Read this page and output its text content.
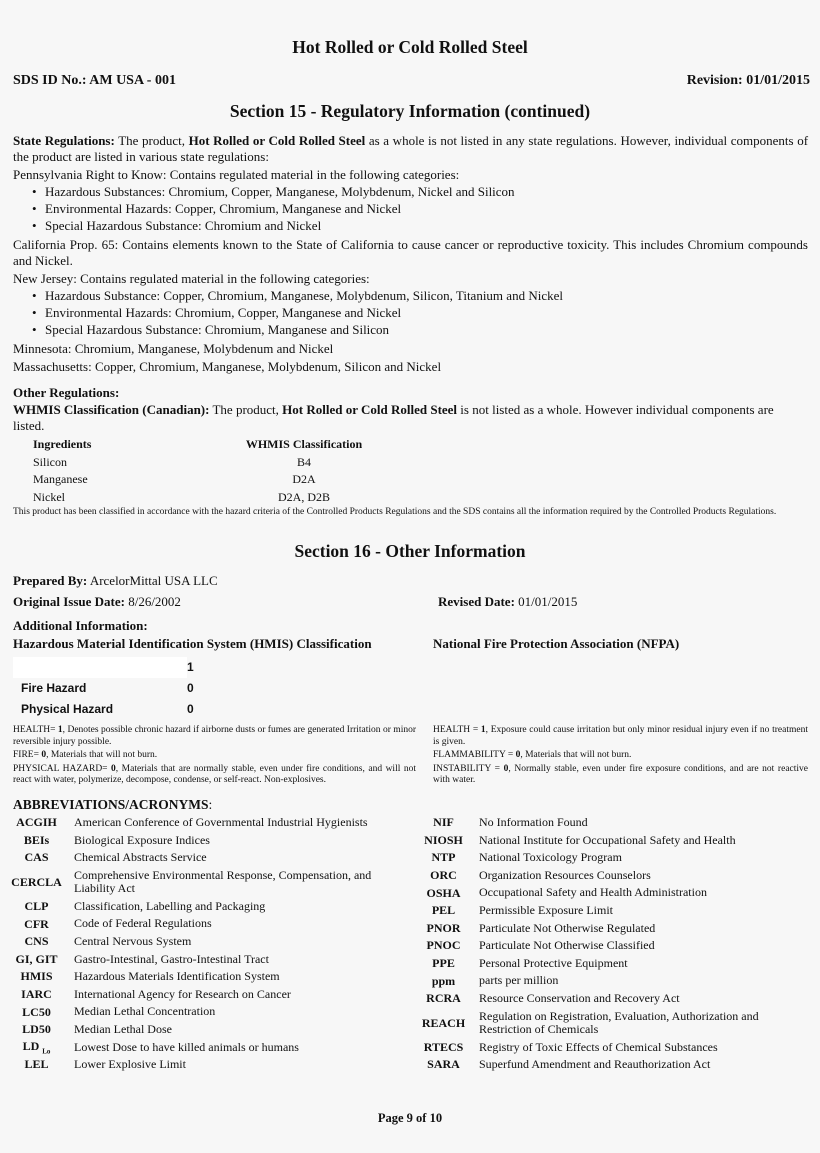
Hot Rolled or Cold Rolled Steel
SDS ID No.: AM USA - 001	Revision: 01/01/2015
Section 15 - Regulatory Information (continued)
State Regulations: The product, Hot Rolled or Cold Rolled Steel as a whole is not listed in any state regulations. However, individual components of the product are listed in various state regulations:
Pennsylvania Right to Know: Contains regulated material in the following categories:
• Hazardous Substances: Chromium, Copper, Manganese, Molybdenum, Nickel and Silicon
• Environmental Hazards: Copper, Chromium, Manganese and Nickel
• Special Hazardous Substance: Chromium and Nickel
California Prop. 65: Contains elements known to the State of California to cause cancer or reproductive toxicity. This includes Chromium compounds and Nickel.
New Jersey: Contains regulated material in the following categories:
• Hazardous Substance: Copper, Chromium, Manganese, Molybdenum, Silicon, Titanium and Nickel
• Environmental Hazards: Chromium, Copper, Manganese and Nickel
• Special Hazardous Substance: Chromium, Manganese and Silicon
Minnesota: Chromium, Manganese, Molybdenum and Nickel
Massachusetts: Copper, Chromium, Manganese, Molybdenum, Silicon and Nickel
Other Regulations:
WHMIS Classification (Canadian): The product, Hot Rolled or Cold Rolled Steel is not listed as a whole. However individual components are listed.
Ingredients	WHMIS Classification
Silicon	B4
Manganese	D2A
Nickel	D2A, D2B
This product has been classified in accordance with the hazard criteria of the Controlled Products Regulations and the SDS contains all the information required by the Controlled Products Regulations.
Section 16 - Other Information
Prepared By: ArcelorMittal USA LLC
Original Issue Date: 8/26/2002	Revised Date: 01/01/2015
Additional Information:
Hazardous Material Identification System (HMIS) Classification	National Fire Protection Association (NFPA)
Health Hazard	1
Fire Hazard	0
Physical Hazard	0
HEALTH= 1, Denotes possible chronic hazard if airborne dusts or fumes are generated Irritation or minor reversible injury possible.
FIRE= 0, Materials that will not burn.
PHYSICAL HAZARD= 0, Materials that are normally stable, even under fire conditions, and will not react with water, polymerize, decompose, condense, or self-react. Non-explosives.
HEALTH = 1, Exposure could cause irritation but only minor residual injury even if no treatment is given.
FLAMMABILITY = 0, Materials that will not burn.
INSTABILITY = 0, Normally stable, even under fire exposure conditions, and are not reactive with water.
ABBREVIATIONS/ACRONYMS:
ACGIH	American Conference of Governmental Industrial Hygienists
BEIs	Biological Exposure Indices
CAS	Chemical Abstracts Service
CERCLA	Comprehensive Environmental Response, Compensation, and Liability Act
CLP	Classification, Labelling and Packaging
CFR	Code of Federal Regulations
CNS	Central Nervous System
GI, GIT	Gastro-Intestinal, Gastro-Intestinal Tract
HMIS	Hazardous Materials Identification System
IARC	International Agency for Research on Cancer
LC50	Median Lethal Concentration
LD50	Median Lethal Dose
LD $_{Lo}$	Lowest Dose to have killed animals or humans
LEL	Lower Explosive Limit
NIF	No Information Found
NIOSH	National Institute for Occupational Safety and Health
NTP	National Toxicology Program
ORC	Organization Resources Counselors
OSHA	Occupational Safety and Health Administration
PEL	Permissible Exposure Limit
PNOR	Particulate Not Otherwise Regulated
PNOC	Particulate Not Otherwise Classified
PPE	Personal Protective Equipment
ppm	parts per million
RCRA	Resource Conservation and Recovery Act
REACH	Regulation on Registration, Evaluation, Authorization and Restriction of Chemicals
RTECS	Registry of Toxic Effects of Chemical Substances
SARA	Superfund Amendment and Reauthorization Act
Page 9 of 10
